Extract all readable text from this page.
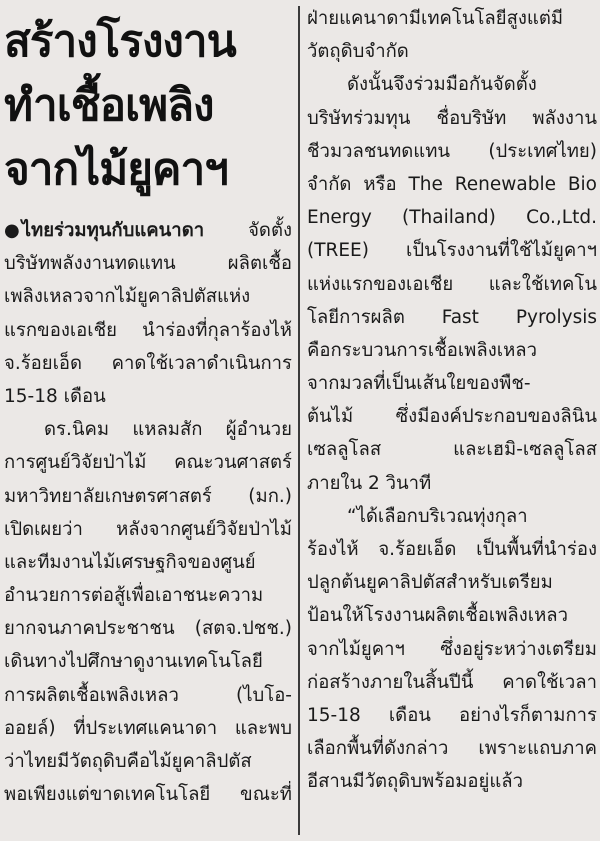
สร้างโรงงาน
ทำเชื้อเพลิง
จากไม้ยูคาฯ
● ไทยร่วมทุนกับแคนาดา จัดตั้ง
บริษัทพลังงานทดแทน ผลิตเชื้อ
เพลิงเหลวจากไม้ยูคาลิปตัสแห่ง
แรกของเอเชีย นำร่องที่กุลาร้องไห้
จ.ร้อยเอ็ด คาดใช้เวลาดำเนินการ
15-18 เดือน
ดร.นิคม แหลมสัก ผู้อำนวย
การศูนย์วิจัยป่าไม้ คณะวนศาสตร์
มหาวิทยาลัยเกษตรศาสตร์ (มก.)
เปิดเผยว่า หลังจากศูนย์วิจัยป่าไม้
และทีมงานไม้เศรษฐกิจของศูนย์
อำนวยการต่อสู้เพื่อเอาชนะความ
ยากจนภาคประชาชน (สตจ.ปชช.)
เดินทางไปศึกษาดูงานเทคโนโลยี
การผลิตเชื้อเพลิงเหลว (ไบโอ-
ออยล์) ที่ประเทศแคนาดา และพบ
ว่าไทยมีวัตถุดิบคือไม้ยูคาลิปตัส
พอเพียงแต่ขาดเทคโนโลยี ขณะที่
ฝ่ายแคนาดามีเทคโนโลยีสูงแต่มี
วัตถุดิบจำกัด
ดังนั้นจึงร่วมมือกันจัดตั้ง
บริษัทร่วมทุน ชื่อบริษัท พลังงาน
ชีวมวลชนทดแทน (ประเทศไทย)
จำกัด หรือ The Renewable Bio
Energy (Thailand) Co.,Ltd.
(TREE) เป็นโรงงานที่ใช้ไม้ยูคาฯ
แห่งแรกของเอเชีย และใช้เทคโน
โลยีการผลิต Fast Pyrolysis
คือกระบวนการเชื้อเพลิงเหลว
จากมวลที่เป็นเส้นใยของพืช-
ต้นไม้ ซึ่งมีองค์ประกอบของลินิน
เซลลูโลส และเฮมิ-เซลลูโลส
ภายใน 2 วินาที
“ได้เลือกบริเวณทุ่งกุลา
ร้องไห้ จ.ร้อยเอ็ด เป็นพื้นที่นำร่อง
ปลูกต้นยูคาลิปตัสสำหรับเตรียม
ป้อนให้โรงงานผลิตเชื้อเพลิงเหลว
จากไม้ยูคาฯ ซึ่งอยู่ระหว่างเตรียม
ก่อสร้างภายในสิ้นปีนี้ คาดใช้เวลา
15-18 เดือน อย่างไรก็ตามการ
เลือกพื้นที่ดังกล่าว เพราะแถบภาค
อีสานมีวัตถุดิบพร้อมอยู่แล้ว
